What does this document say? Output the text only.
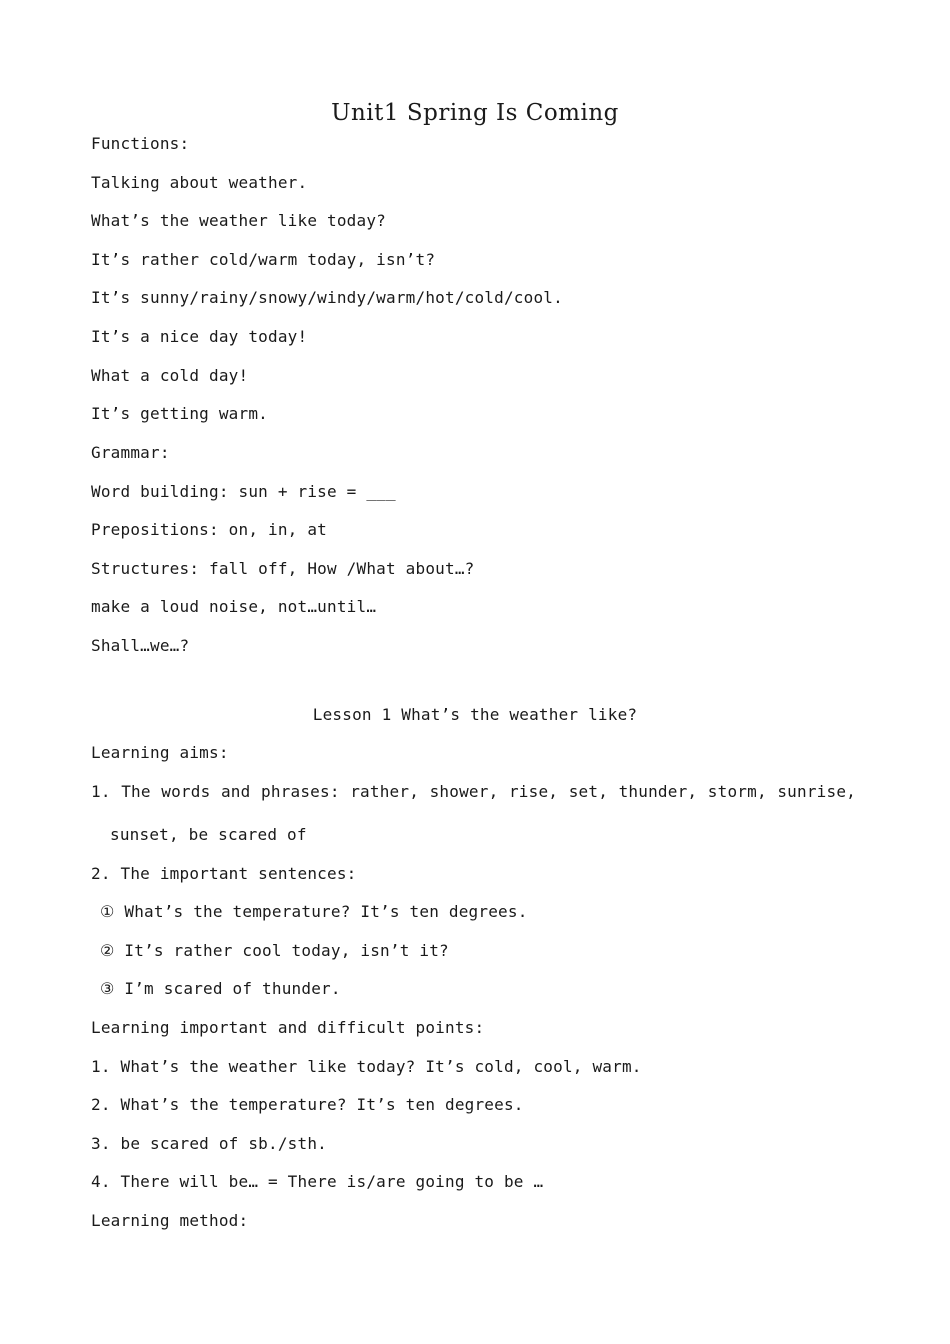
Unit1 Spring Is Coming
Functions:
Talking about weather.
What’s the weather like today?
It’s rather cold/warm today, isn’t?
It’s sunny/rainy/snowy/windy/warm/hot/cold/cool.
It’s a nice day today!
What a cold day!
It’s getting warm.
Grammar:
Word building: sun + rise = ___
Prepositions: on, in, at
Structures: fall off, How /What about…?
make a loud noise, not…until…
Shall…we…?
Lesson 1 What’s the weather like?
Learning aims:
1. The words and phrases: rather, shower, rise, set, thunder, storm, sunrise,
sunset, be scared of
2. The important sentences:
① What’s the temperature? It’s ten degrees.
② It’s rather cool today, isn’t it?
③ I’m scared of thunder.
Learning important and difficult points:
1. What’s the weather like today? It’s cold, cool, warm.
2. What’s the temperature? It’s ten degrees.
3. be scared of sb./sth.
4. There will be… = There is/are going to be …
Learning method:
